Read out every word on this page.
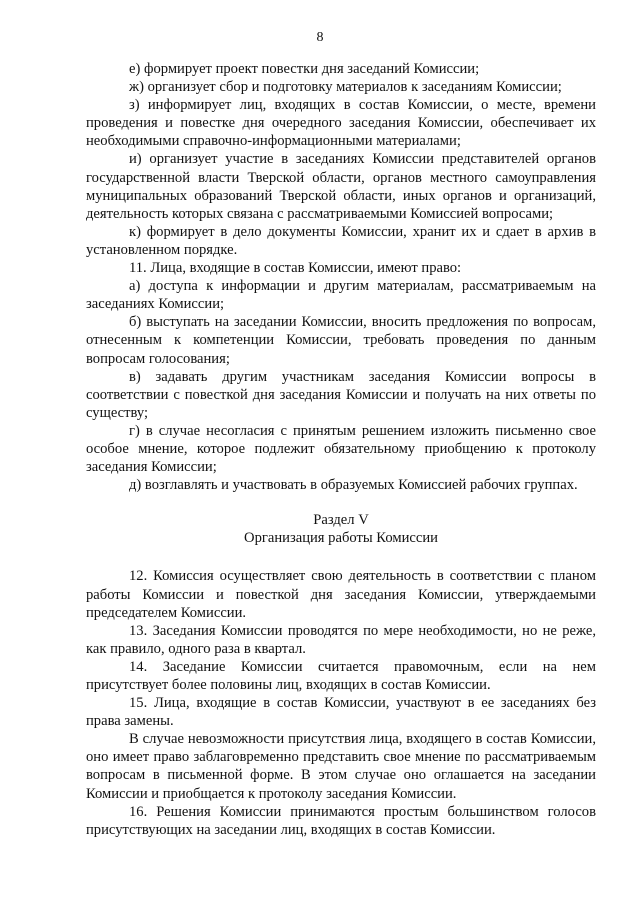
8

е) формирует проект повестки дня заседаний Комиссии;

ж) организует сбор и подготовку материалов к заседаниям Комиссии;

з) информирует лиц, входящих в состав Комиссии, о месте, времени проведения и повестке дня очередного заседания Комиссии, обеспечивает их необходимыми справочно-информационными материалами;

и) организует участие в заседаниях Комиссии представителей органов государственной власти Тверской области, органов местного самоуправления муниципальных образований Тверской области, иных органов и организаций, деятельность которых связана с рассматриваемыми Комиссией вопросами;

к) формирует в дело документы Комиссии, хранит их и сдает в архив в установленном порядке.

11. Лица, входящие в состав Комиссии, имеют право:

а) доступа к информации и другим материалам, рассматриваемым на заседаниях Комиссии;

б) выступать на заседании Комиссии, вносить предложения по вопросам, отнесенным к компетенции Комиссии, требовать проведения по данным вопросам голосования;

в) задавать другим участникам заседания Комиссии вопросы в соответствии с повесткой дня заседания Комиссии и получать на них ответы по существу;

г) в случае несогласия с принятым решением изложить письменно свое особое мнение, которое подлежит обязательному приобщению к протоколу заседания Комиссии;

д) возглавлять и участвовать в образуемых Комиссией рабочих группах.

Раздел V
Организация работы Комиссии

12. Комиссия осуществляет свою деятельность в соответствии с планом работы Комиссии и повесткой дня заседания Комиссии, утверждаемыми председателем Комиссии.

13. Заседания Комиссии проводятся по мере необходимости, но не реже, как правило, одного раза в квартал.

14. Заседание Комиссии считается правомочным, если на нем присутствует более половины лиц, входящих в состав Комиссии.

15. Лица, входящие в состав Комиссии, участвуют в ее заседаниях без права замены.

В случае невозможности присутствия лица, входящего в состав Комиссии, оно имеет право заблаговременно представить свое мнение по рассматриваемым вопросам в письменной форме. В этом случае оно оглашается на заседании Комиссии и приобщается к протоколу заседания Комиссии.

16. Решения Комиссии принимаются простым большинством голосов присутствующих на заседании лиц, входящих в состав Комиссии.
